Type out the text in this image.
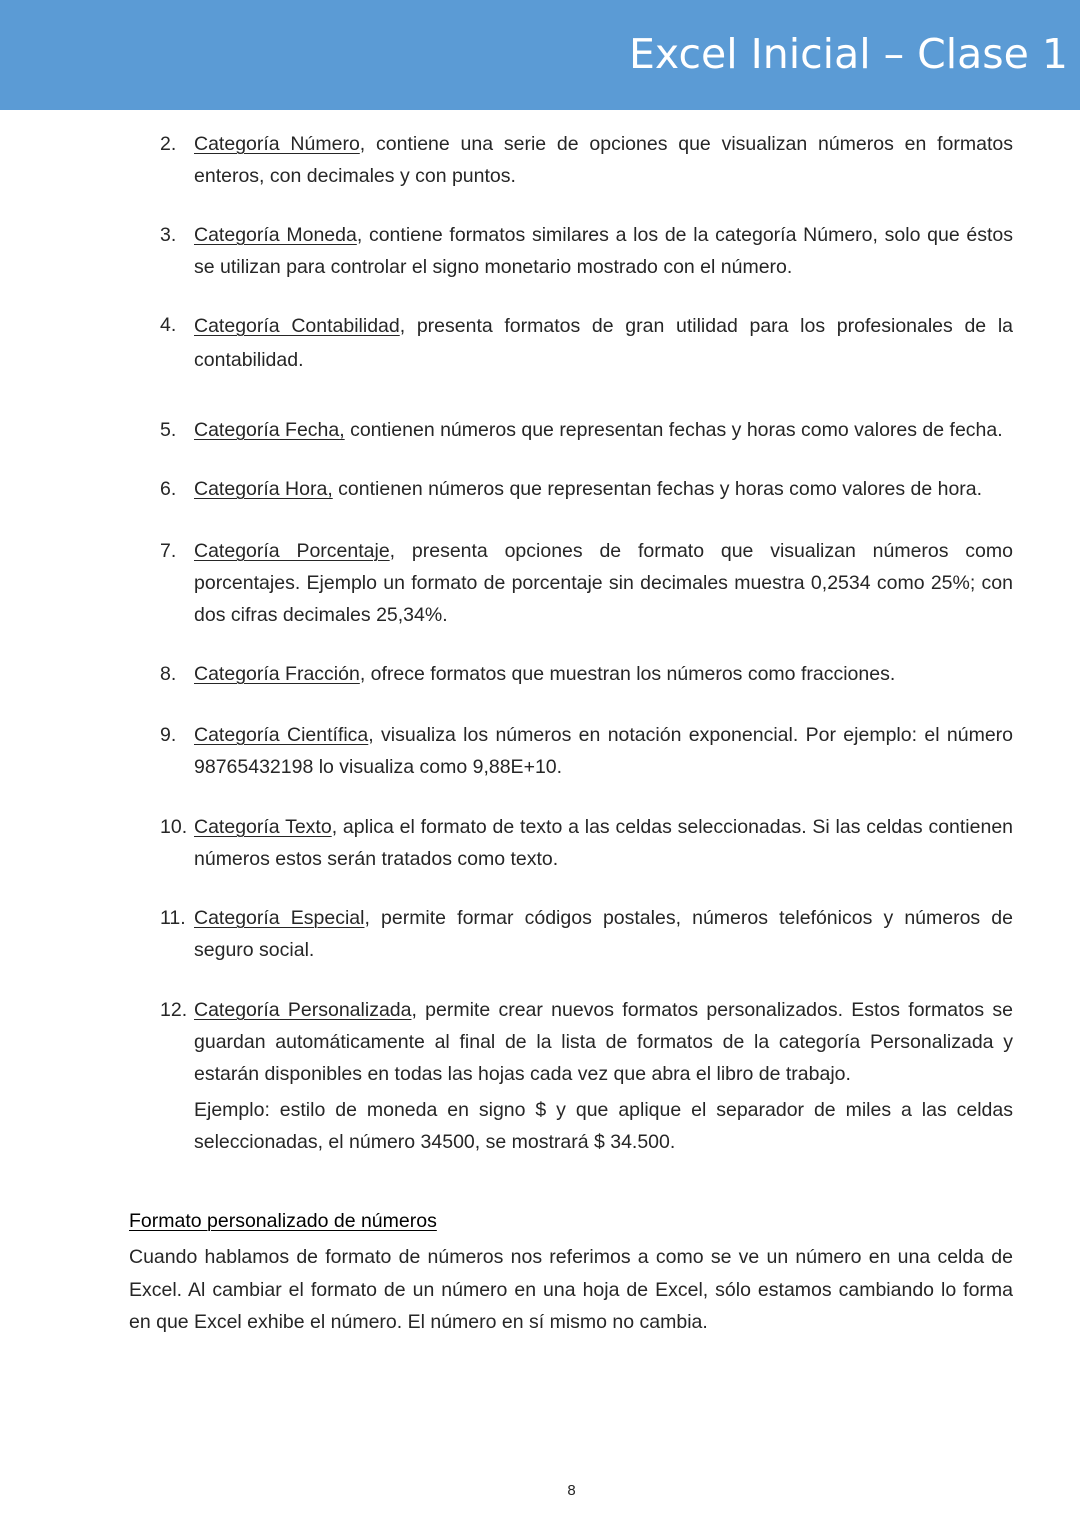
Excel Inicial – Clase 1
2. Categoría Número, contiene una serie de opciones que visualizan números en formatos enteros, con decimales y con puntos.
3. Categoría Moneda, contiene formatos similares a los de la categoría Número, solo que éstos se utilizan para controlar el signo monetario mostrado con el número.
4. Categoría Contabilidad, presenta formatos de gran utilidad para los profesionales de la contabilidad.
5. Categoría Fecha, contienen números que representan fechas y horas como valores de fecha.
6. Categoría Hora, contienen números que representan fechas y horas como valores de hora.
7. Categoría Porcentaje, presenta opciones de formato que visualizan números como porcentajes. Ejemplo un formato de porcentaje sin decimales muestra 0,2534 como 25%; con dos cifras decimales 25,34%.
8. Categoría Fracción, ofrece formatos que muestran los números como fracciones.
9. Categoría Científica, visualiza los números en notación exponencial. Por ejemplo: el número 98765432198 lo visualiza como 9,88E+10.
10. Categoría Texto, aplica el formato de texto a las celdas seleccionadas. Si las celdas contienen números estos serán tratados como texto.
11. Categoría Especial, permite formar códigos postales, números telefónicos y números de seguro social.
12. Categoría Personalizada, permite crear nuevos formatos personalizados. Estos formatos se guardan automáticamente al final de la lista de formatos de la categoría Personalizada y estarán disponibles en todas las hojas cada vez que abra el libro de trabajo.
Ejemplo: estilo de moneda en signo $ y que aplique el separador de miles a las celdas seleccionadas, el número 34500, se mostrará $ 34.500.
Formato personalizado de números
Cuando hablamos de formato de números nos referimos a como se ve un número en una celda de Excel. Al cambiar el formato de un número en una hoja de Excel, sólo estamos cambiando lo forma en que Excel exhibe el número. El número en sí mismo no cambia.
8
